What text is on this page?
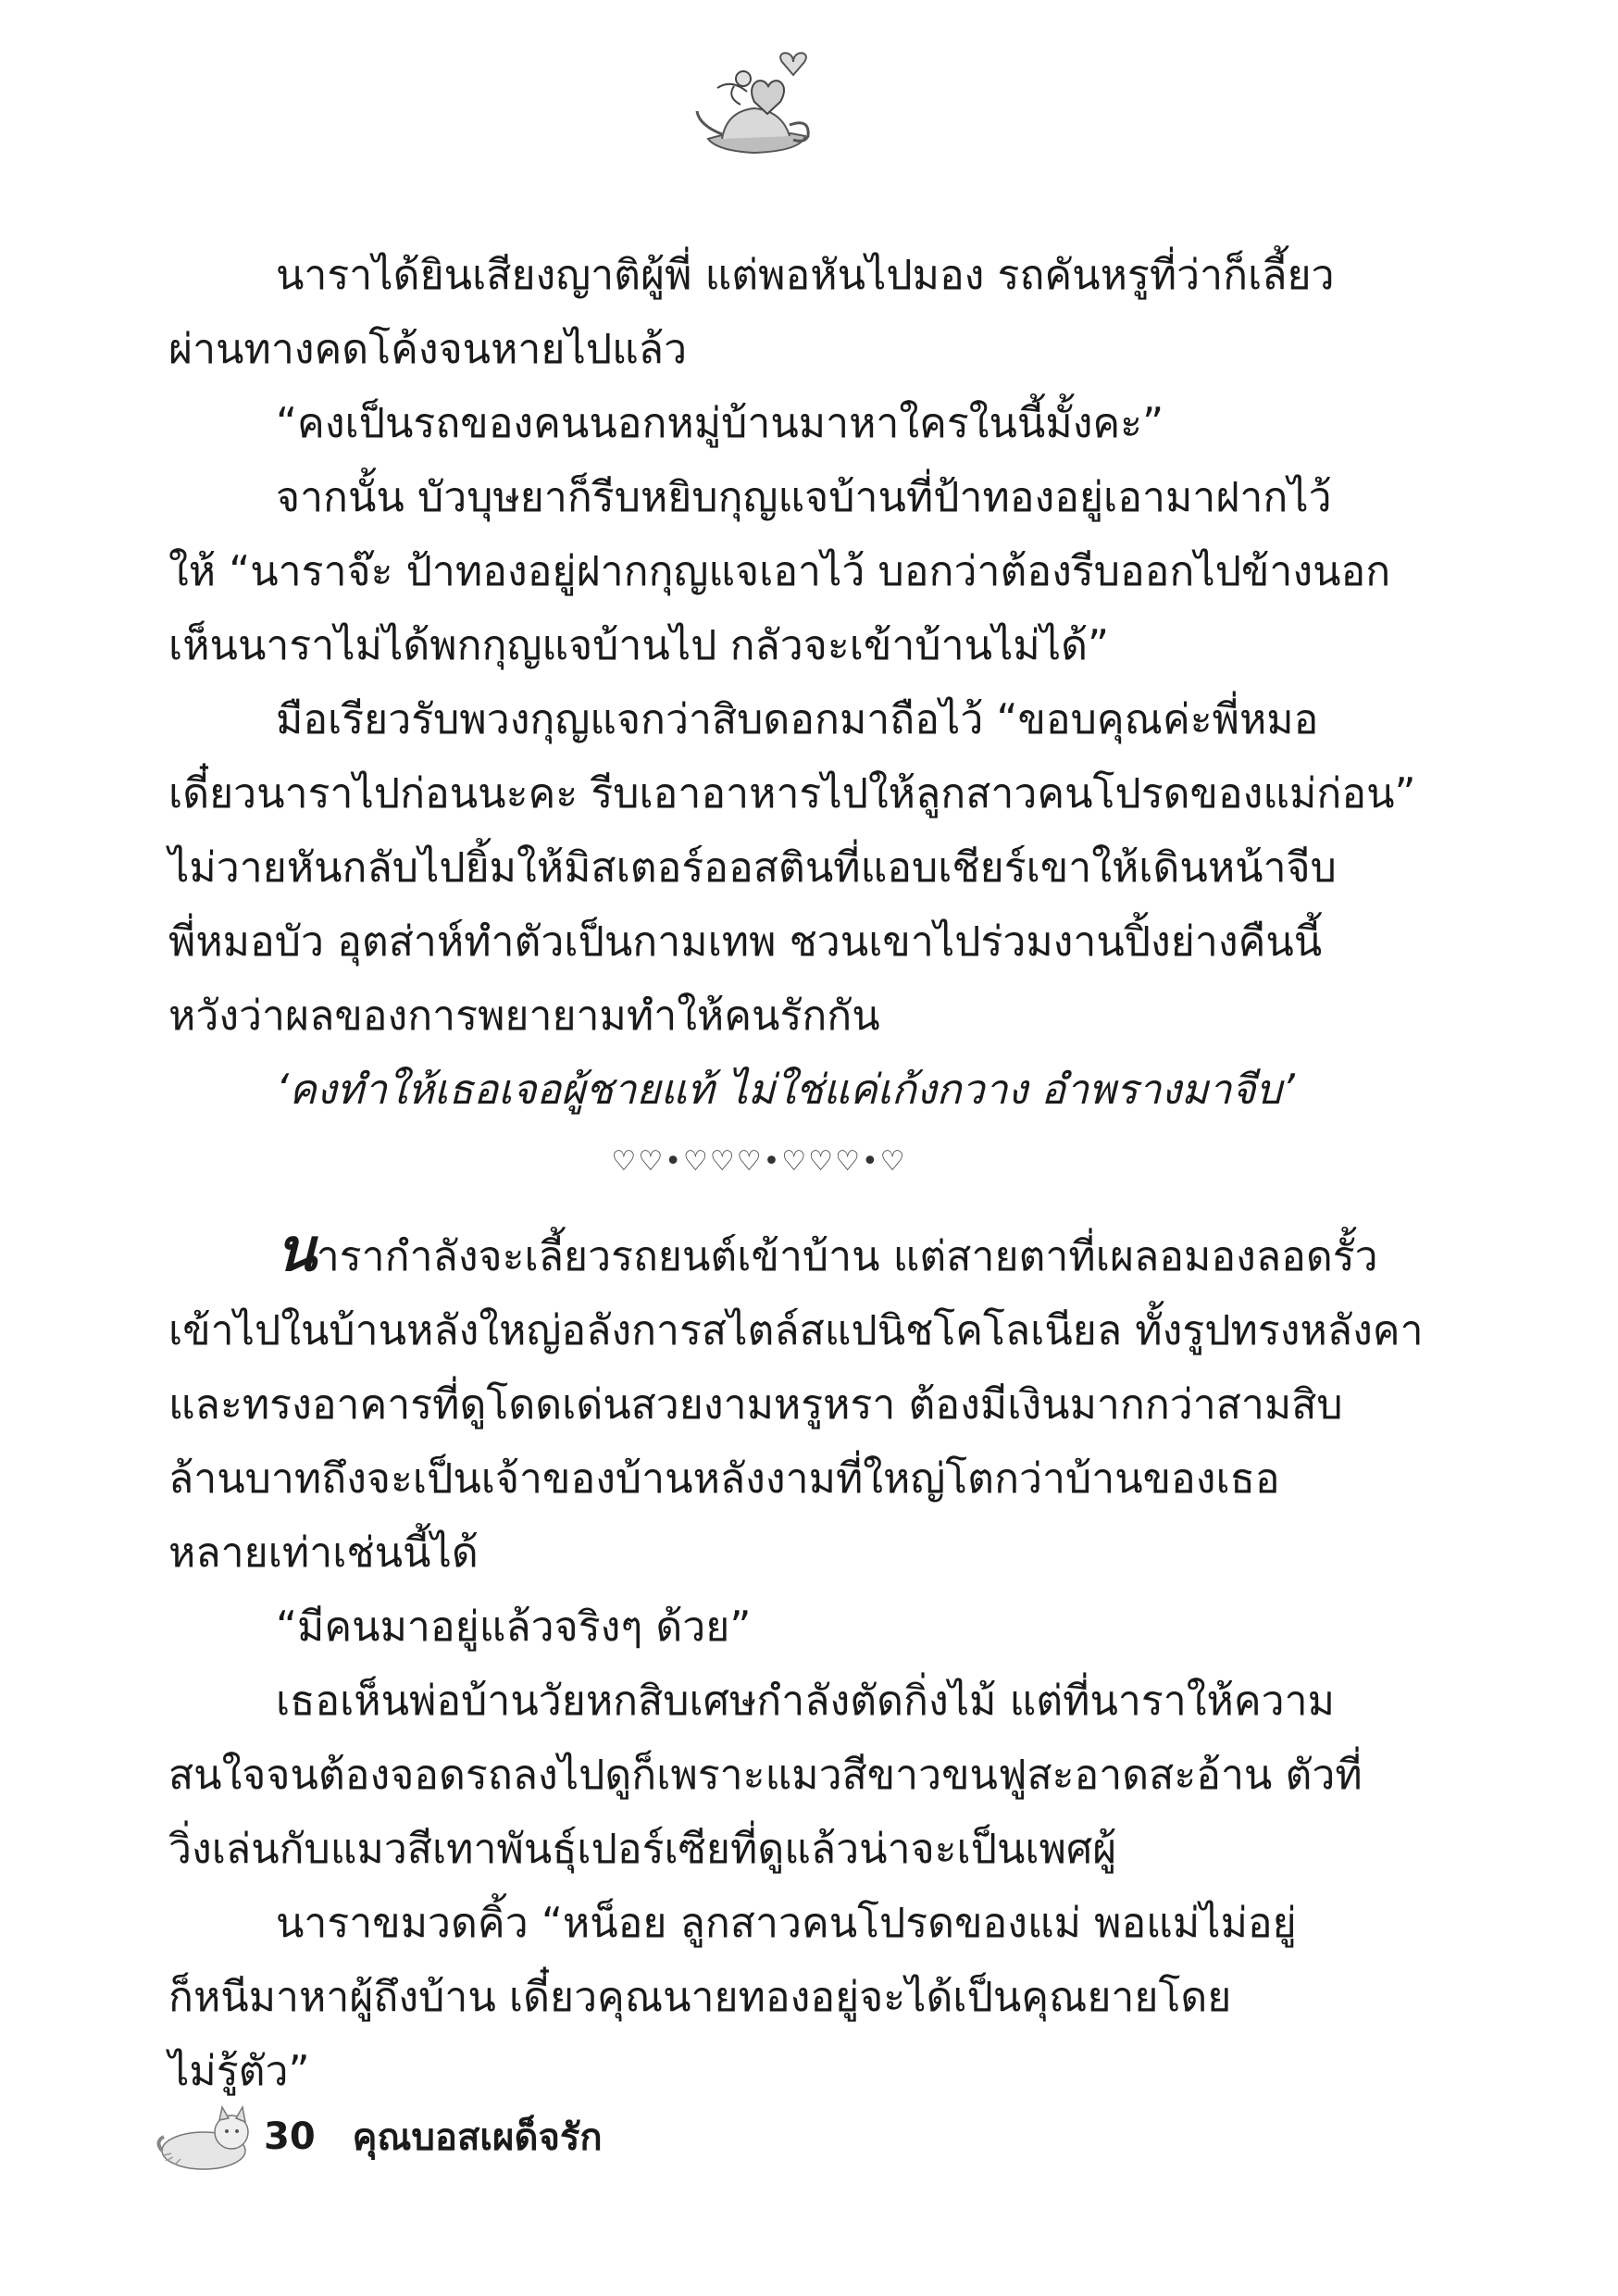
นาราได้ยินเสียงญาติผู้พี่ แต่พอหันไปมอง รถคันหรูที่ว่าก็เลี้ยว
ผ่านทางคดโค้งจนหายไปแล้ว
“คงเป็นรถของคนนอกหมู่บ้านมาหาใครในนี้มั้งคะ”
จากนั้น บัวบุษยาก็รีบหยิบกุญแจบ้านที่ป้าทองอยู่เอามาฝากไว้
ให้ “นาราจ๊ะ ป้าทองอยู่ฝากกุญแจเอาไว้ บอกว่าต้องรีบออกไปข้างนอก
เห็นนาราไม่ได้พกกุญแจบ้านไป กลัวจะเข้าบ้านไม่ได้”
มือเรียวรับพวงกุญแจกว่าสิบดอกมาถือไว้ “ขอบคุณค่ะพี่หมอ
เดี๋ยวนาราไปก่อนนะคะ รีบเอาอาหารไปให้ลูกสาวคนโปรดของแม่ก่อน”
ไม่วายหันกลับไปยิ้มให้มิสเตอร์ออสตินที่แอบเชียร์เขาให้เดินหน้าจีบ
พี่หมอบัว อุตส่าห์ทำตัวเป็นกามเทพ ชวนเขาไปร่วมงานปิ้งย่างคืนนี้
หวังว่าผลของการพยายามทำให้คนรักกัน
‘คงทำให้เธอเจอผู้ชายแท้ ไม่ใช่แค่เก้งกวาง อำพรางมาจีบ’
♡♡•♡♡♡•♡♡♡•♡
นารากำลังจะเลี้ยวรถยนต์เข้าบ้าน แต่สายตาที่เผลอมองลอดรั้ว
เข้าไปในบ้านหลังใหญ่อลังการสไตล์สแปนิชโคโลเนียล ทั้งรูปทรงหลังคา
และทรงอาคารที่ดูโดดเด่นสวยงามหรูหรา ต้องมีเงินมากกว่าสามสิบ
ล้านบาทถึงจะเป็นเจ้าของบ้านหลังงามที่ใหญ่โตกว่าบ้านของเธอ
หลายเท่าเช่นนี้ได้
“มีคนมาอยู่แล้วจริงๆ ด้วย”
เธอเห็นพ่อบ้านวัยหกสิบเศษกำลังตัดกิ่งไม้ แต่ที่นาราให้ความ
สนใจจนต้องจอดรถลงไปดูก็เพราะแมวสีขาวขนฟูสะอาดสะอ้าน ตัวที่
วิ่งเล่นกับแมวสีเทาพันธุ์เปอร์เซียที่ดูแล้วน่าจะเป็นเพศผู้
นาราขมวดคิ้ว “หน็อย ลูกสาวคนโปรดของแม่ พอแม่ไม่อยู่
ก็หนีมาหาผู้ถึงบ้าน เดี๋ยวคุณนายทองอยู่จะได้เป็นคุณยายโดย
ไม่รู้ตัว”
30 คุณบอสเผด็จรัก
